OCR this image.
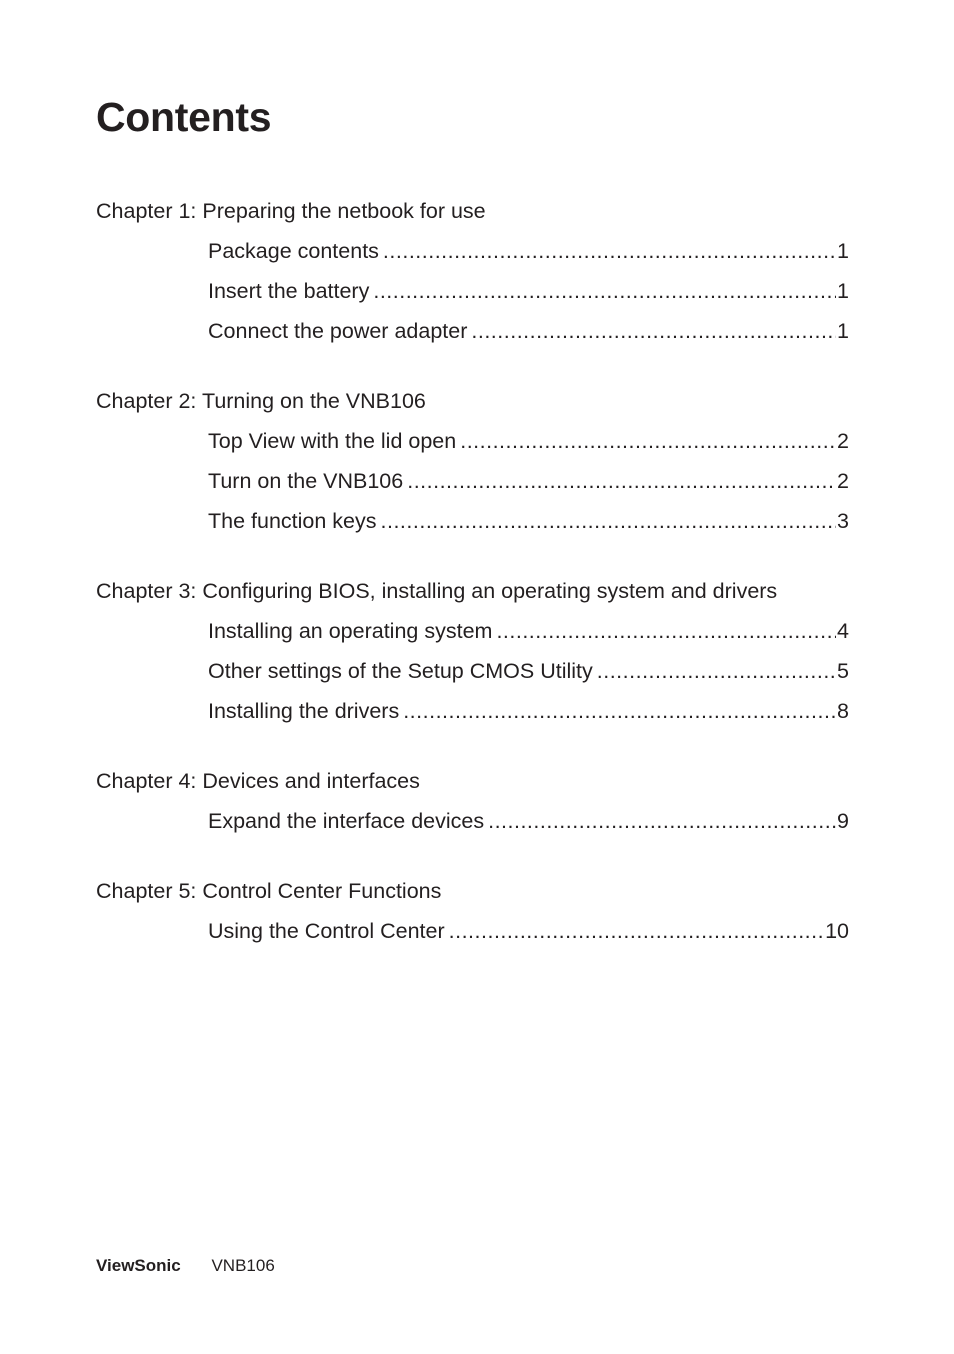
Contents
Chapter 1: Preparing the netbook for use
Package contents .....	1
Insert the battery .....	1
Connect the power adapter .....	1
Chapter 2: Turning on the VNB106
Top View with the lid open .....	2
Turn on the VNB106 .....	2
The function keys .....	3
Chapter 3: Configuring BIOS, installing an operating system and drivers
Installing an operating system .....	4
Other settings of the Setup CMOS Utility .....	5
Installing the drivers .....	8
Chapter 4: Devices and interfaces
Expand the interface devices .....	9
Chapter 5: Control Center Functions
Using the Control Center .....	10
ViewSonic VNB106
